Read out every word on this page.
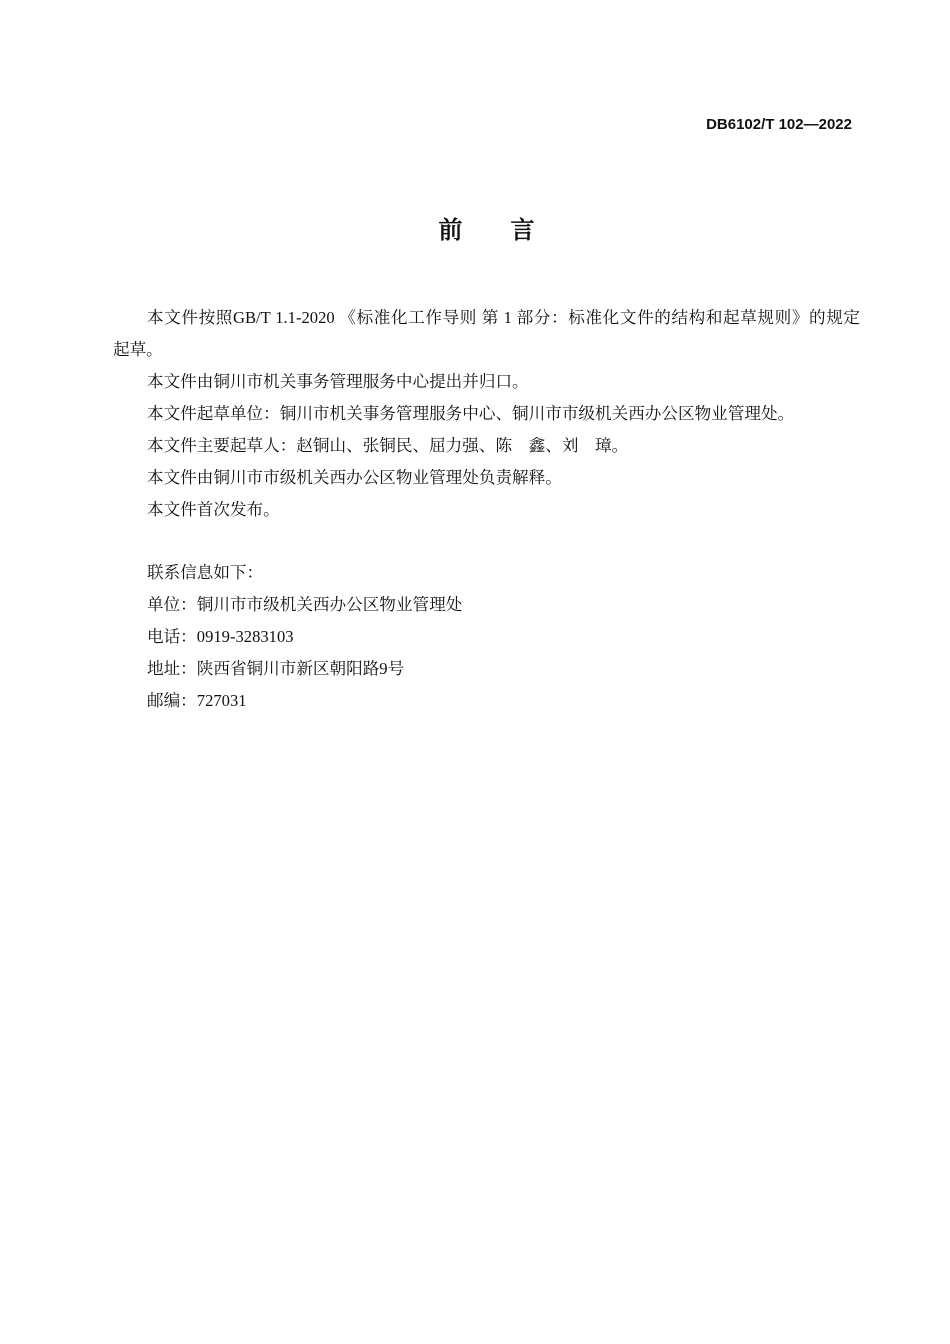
DB6102/T 102—2022
前　　言
本文件按照GB/T 1.1-2020 《标准化工作导则 第 1 部分：标准化文件的结构和起草规则》的规定
起草。
本文件由铜川市机关事务管理服务中心提出并归口。
本文件起草单位：铜川市机关事务管理服务中心、铜川市市级机关西办公区物业管理处。
本文件主要起草人：赵铜山、张铜民、屈力强、陈　鑫、刘　璋。
本文件由铜川市市级机关西办公区物业管理处负责解释。
本文件首次发布。
联系信息如下：
单位：铜川市市级机关西办公区物业管理处
电话：0919-3283103
地址：陕西省铜川市新区朝阳路9号
邮编：727031
